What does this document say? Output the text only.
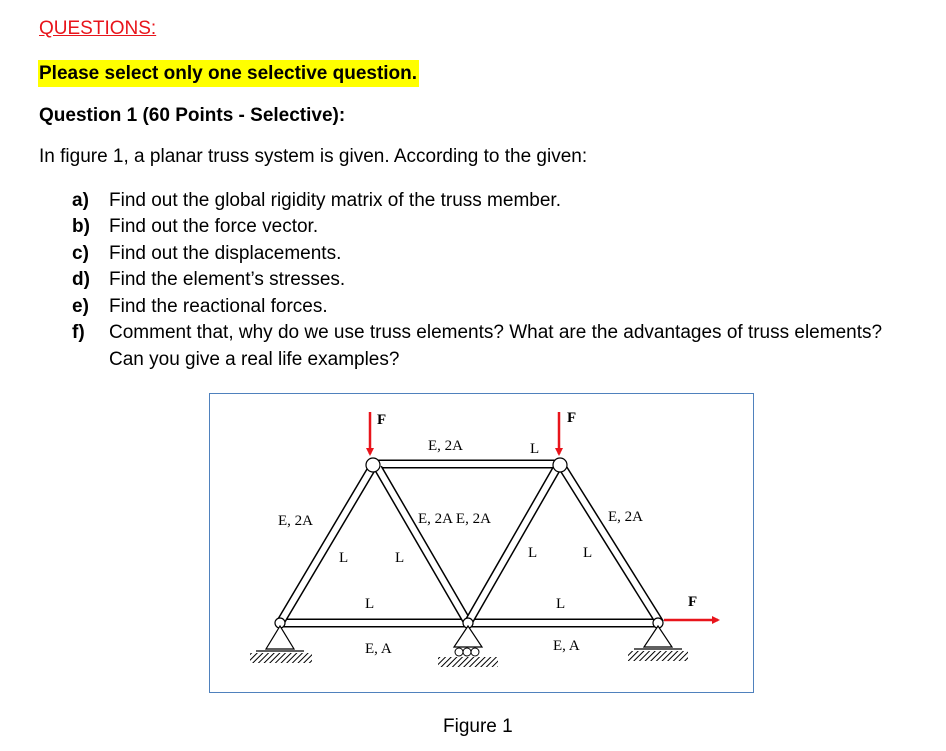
QUESTIONS:
Please select only one selective question.
Question 1 (60 Points - Selective):
In figure 1, a planar truss system is given. According to the given:
a) Find out the global rigidity matrix of the truss member.
b) Find out the force vector.
c) Find out the displacements.
d) Find the element’s stresses.
e) Find the reactional forces.
f)	Comment that, why do we use truss elements? What are the advantages of truss elements? Can you give a real life examples?
F	F
F
E, 2A	L
E, 2A
L	L
E, 2A E, 2A
L	L
E, 2A
L	L
E, A	E, A
Figure 1
